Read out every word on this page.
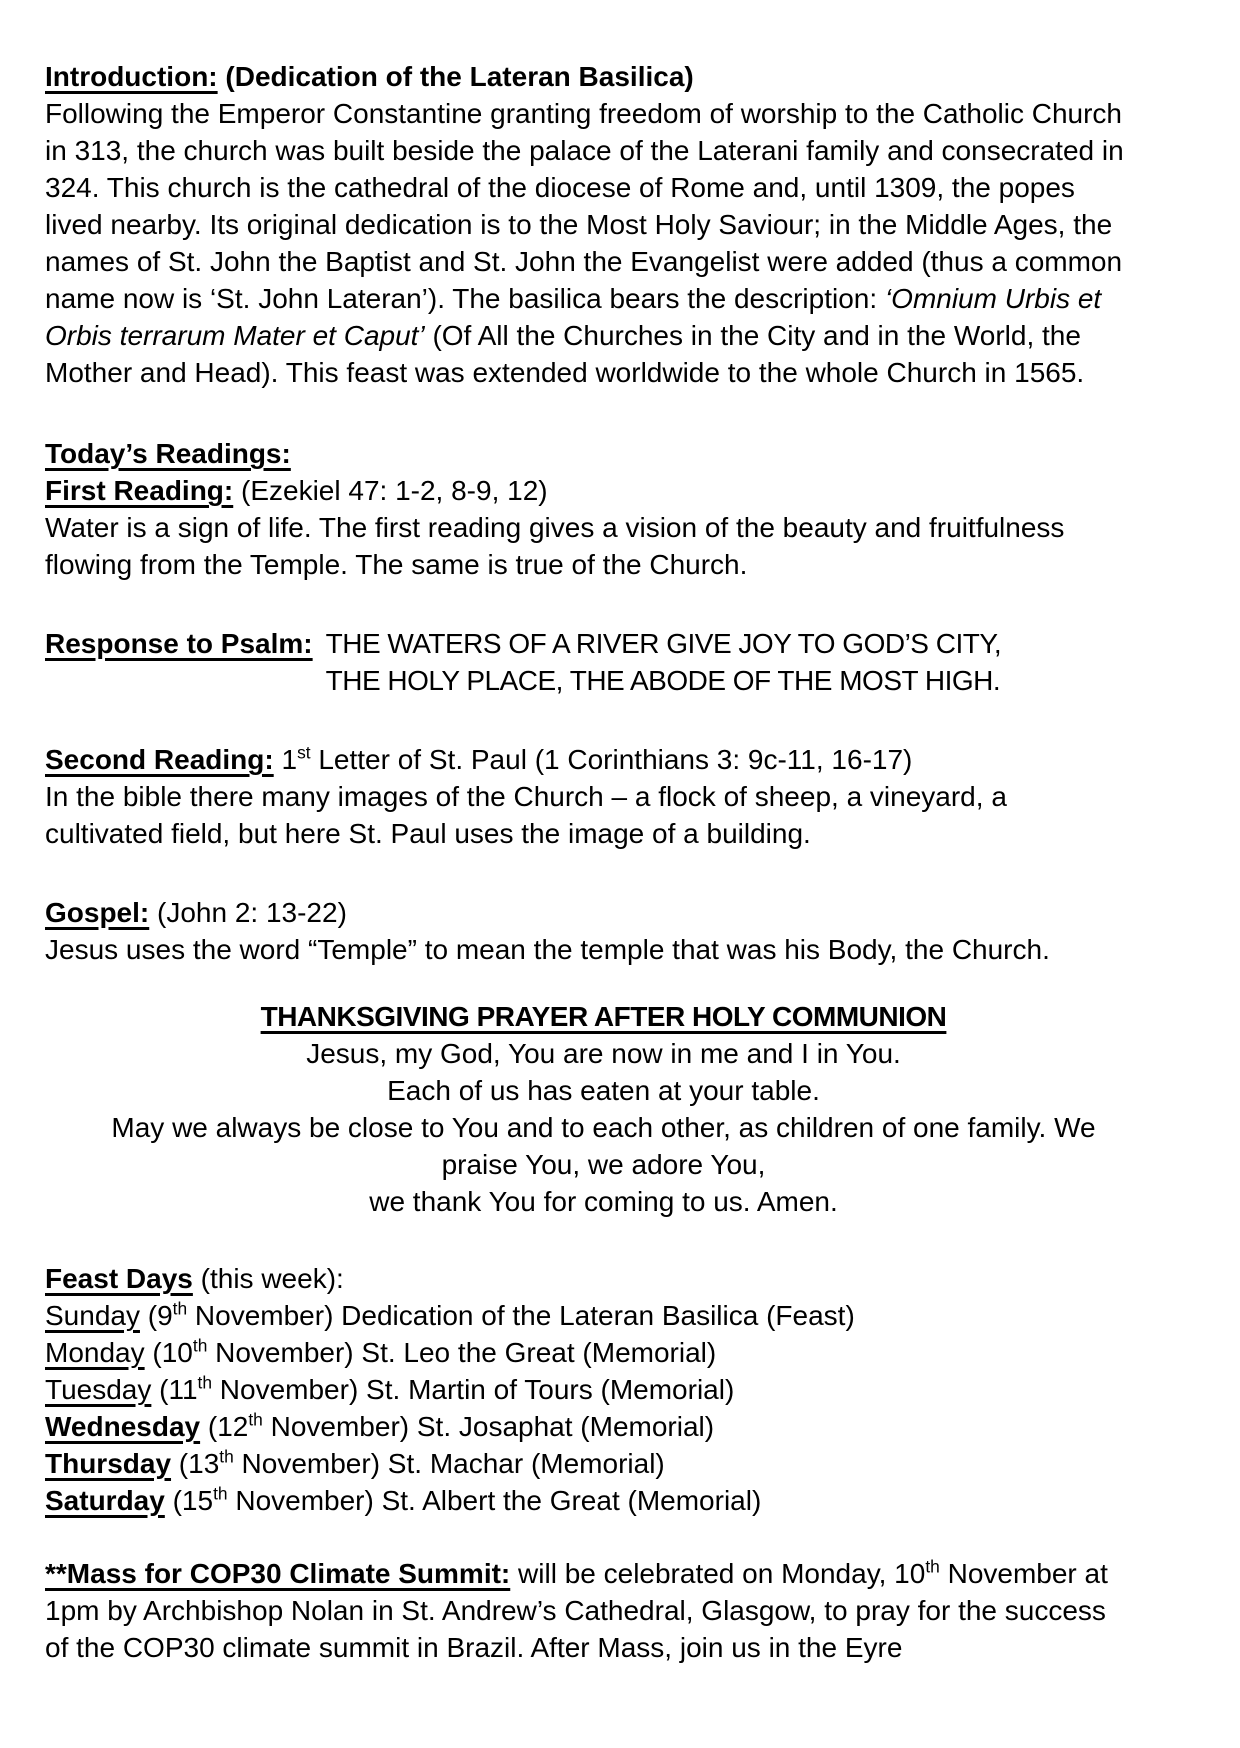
Introduction: (Dedication of the Lateran Basilica)

Following the Emperor Constantine granting freedom of worship to the Catholic Church in 313, the church was built beside the palace of the Laterani family and consecrated in 324. This church is the cathedral of the diocese of Rome and, until 1309, the popes lived nearby. Its original dedication is to the Most Holy Saviour; in the Middle Ages, the names of St. John the Baptist and St. John the Evangelist were added (thus a common name now is ‘St. John Lateran’). The basilica bears the description: ‘Omnium Urbis et Orbis terrarum Mater et Caput’ (Of All the Churches in the City and in the World, the Mother and Head). This feast was extended worldwide to the whole Church in 1565.

Today’s Readings:

First Reading: (Ezekiel 47: 1-2, 8-9, 12)

Water is a sign of life. The first reading gives a vision of the beauty and fruitfulness flowing from the Temple. The same is true of the Church.

Response to Psalm: THE WATERS OF A RIVER GIVE JOY TO GOD’S CITY,
THE HOLY PLACE, THE ABODE OF THE MOST HIGH.

Second Reading: 1st Letter of St. Paul (1 Corinthians 3: 9c-11, 16-17)

In the bible there many images of the Church – a flock of sheep, a vineyard, a cultivated field, but here St. Paul uses the image of a building.

Gospel: (John 2: 13-22)

Jesus uses the word “Temple” to mean the temple that was his Body, the Church.

THANKSGIVING PRAYER AFTER HOLY COMMUNION

Jesus, my God, You are now in me and I in You.
Each of us has eaten at your table.
May we always be close to You and to each other, as children of one family. We
praise You, we adore You,
we thank You for coming to us. Amen.

Feast Days (this week):

Sunday (9th November) Dedication of the Lateran Basilica (Feast)

Monday (10th November) St. Leo the Great (Memorial)

Tuesday (11th November) St. Martin of Tours (Memorial)

Wednesday (12th November) St. Josaphat (Memorial)

Thursday (13th November) St. Machar (Memorial)

Saturday (15th November) St. Albert the Great (Memorial)

**Mass for COP30 Climate Summit: will be celebrated on Monday, 10th November at 1pm by Archbishop Nolan in St. Andrew’s Cathedral, Glasgow, to pray for the success of the COP30 climate summit in Brazil. After Mass, join us in the Eyre
